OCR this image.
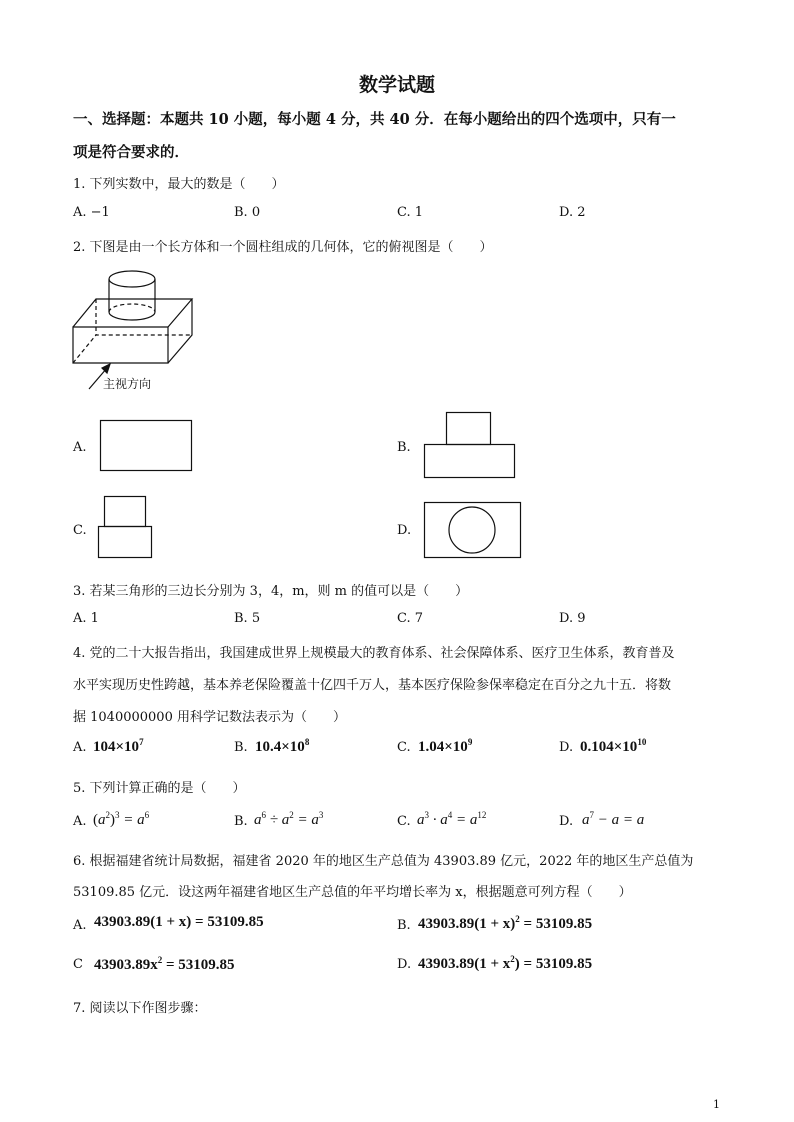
数学试题
一、选择题：本题共 10 小题，每小题 4 分，共 40 分．在每小题给出的四个选项中，只有一
项是符合要求的．
1. 下列实数中，最大的数是（　　）
A. −1	B. 0	C. 1	D. 2
2. 下图是由一个长方体和一个圆柱组成的几何体，它的俯视图是（　　）
主视方向
A.	B.
C.	D.
3. 若某三角形的三边长分别为 3，4，m，则 m 的值可以是（　　）
A. 1	B. 5	C. 7	D. 9
4. 党的二十大报告指出，我国建成世界上规模最大的教育体系、社会保障体系、医疗卫生体系，教育普及
水平实现历史性跨越，基本养老保险覆盖十亿四千万人，基本医疗保险参保率稳定在百分之九十五．将数
据 1040000000 用科学记数法表示为（　　）
A. $104\times 10^7$	B. $10.4\times 10^8$	C. $1.04\times 10^9$	D. $0.104\times 10^{10}$
5. 下列计算正确的是（　　）
A. $(a^2)^3 = a^6$	B. $a^6 \div a^2 = a^3$	C. $a^3 \cdot a^4 = a^{12}$	D. $a^7 - a = a$
6. 根据福建省统计局数据，福建省 2020 年的地区生产总值为 43903.89 亿元，2022 年的地区生产总值为
53109.85 亿元．设这两年福建省地区生产总值的年平均增长率为 x，根据题意可列方程（　　）
A. 43903.89(1 + x) = 53109.85	B. $43903.89(1 + x)^2 = 53109.85$
C $43903.89x^2 = 53109.85$	D. $43903.89(1 + x^2) = 53109.85$
7. 阅读以下作图步骤：
1
